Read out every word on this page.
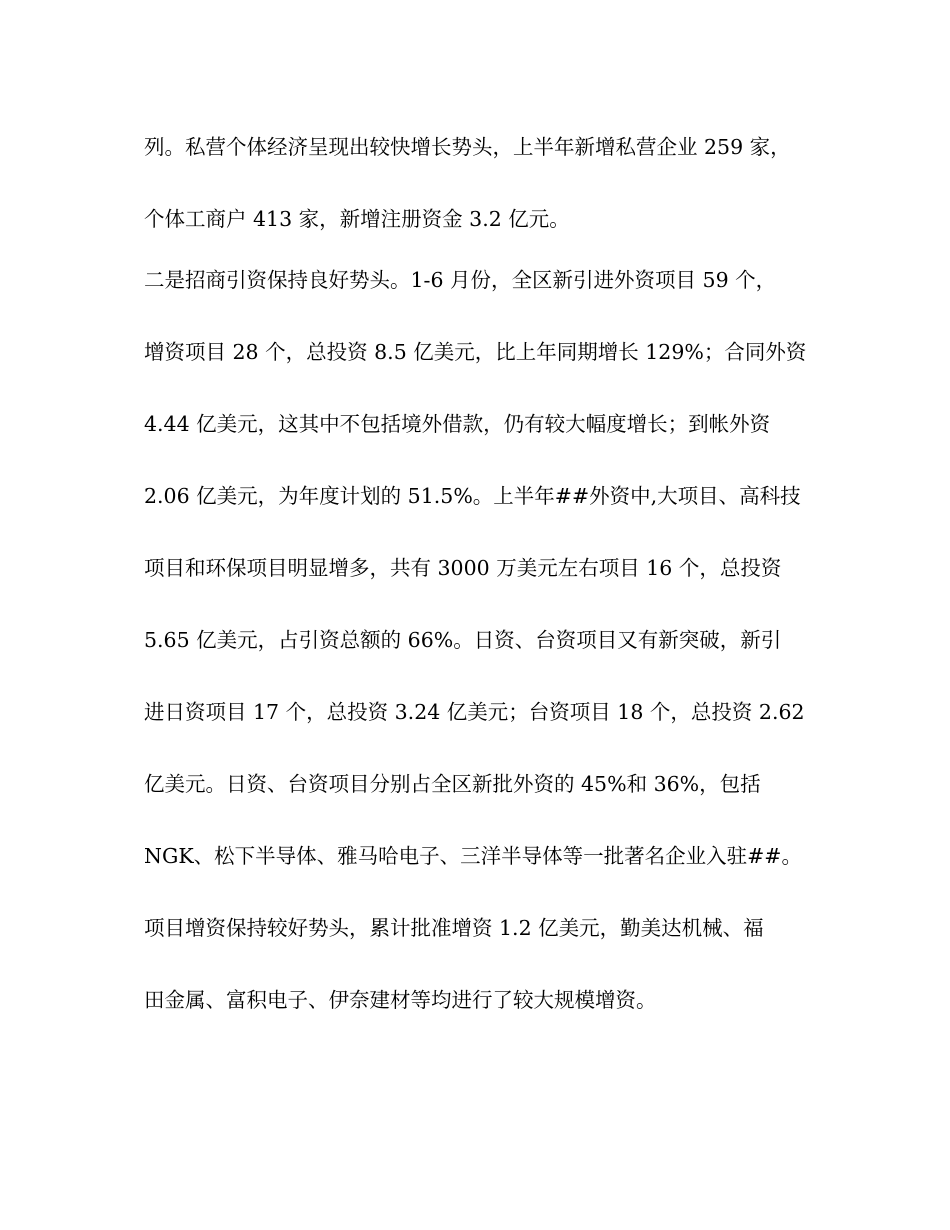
列。私营个体经济呈现出较快增长势头，上半年新增私营企业 259 家，
个体工商户 413 家，新增注册资金 3.2 亿元。
二是招商引资保持良好势头。1-6 月份，全区新引进外资项目 59 个，
增资项目 28 个，总投资 8.5 亿美元，比上年同期增长 129%；合同外资
4.44 亿美元，这其中不包括境外借款，仍有较大幅度增长；到帐外资
2.06 亿美元，为年度计划的 51.5%。上半年##外资中,大项目、高科技
项目和环保项目明显增多，共有 3000 万美元左右项目 16 个，总投资
5.65 亿美元，占引资总额的 66%。日资、台资项目又有新突破，新引
进日资项目 17 个，总投资 3.24 亿美元；台资项目 18 个，总投资 2.62
亿美元。日资、台资项目分别占全区新批外资的 45%和 36%，包括
NGK、松下半导体、雅马哈电子、三洋半导体等一批著名企业入驻##。
项目增资保持较好势头，累计批准增资 1.2 亿美元，勤美达机械、福
田金属、富积电子、伊奈建材等均进行了较大规模增资。
